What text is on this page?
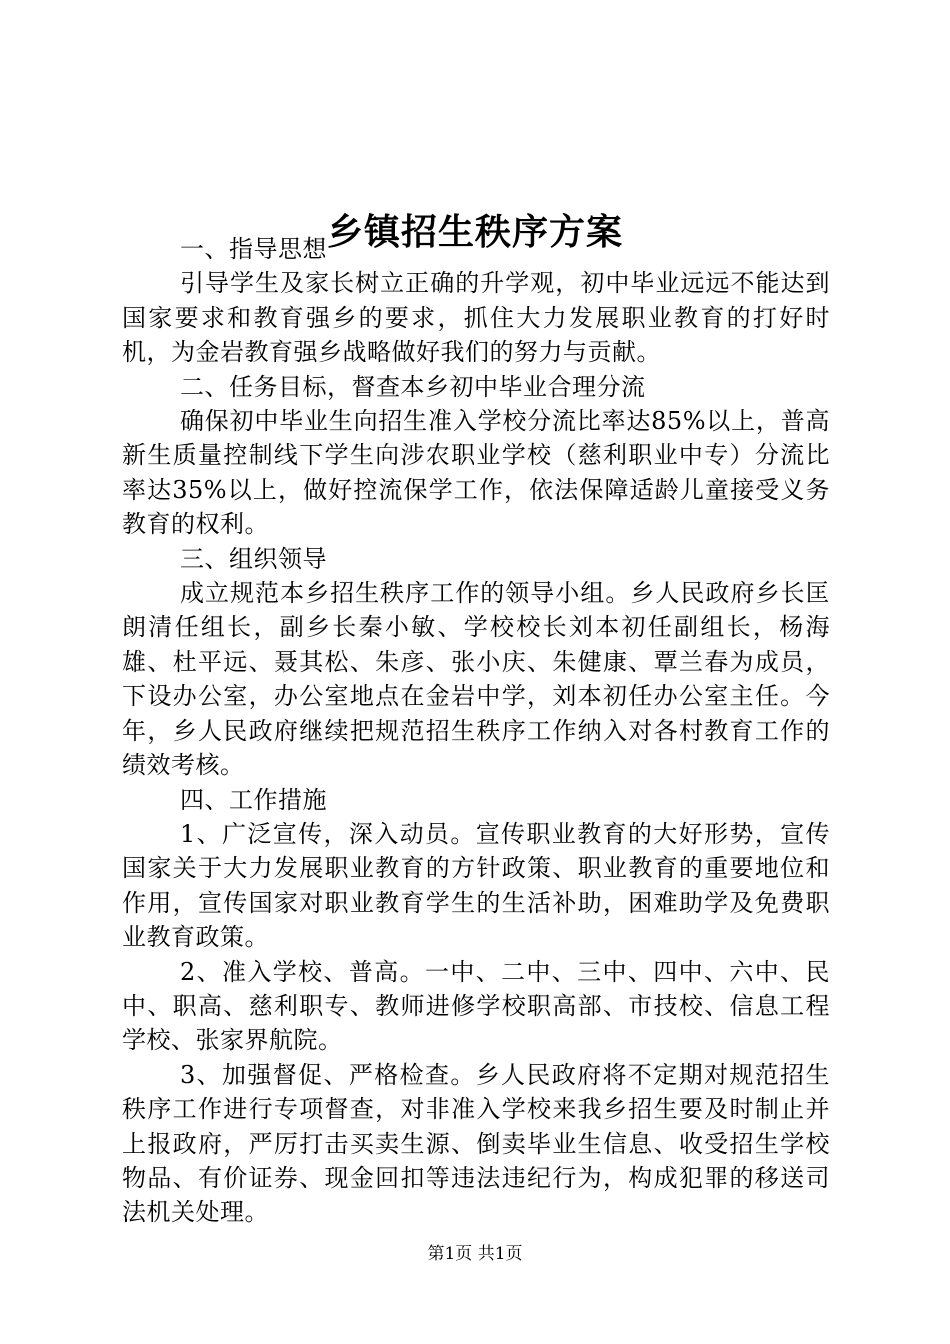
乡镇招生秩序方案

一、指导思想

引导学生及家长树立正确的升学观，初中毕业远远不能达到国家要求和教育强乡的要求，抓住大力发展职业教育的打好时机，为金岩教育强乡战略做好我们的努力与贡献。

二、任务目标，督查本乡初中毕业合理分流

确保初中毕业生向招生准入学校分流比率达85%以上，普高新生质量控制线下学生向涉农职业学校（慈利职业中专）分流比率达35%以上，做好控流保学工作，依法保障适龄儿童接受义务教育的权利。

三、组织领导

成立规范本乡招生秩序工作的领导小组。乡人民政府乡长匡朗清任组长，副乡长秦小敏、学校校长刘本初任副组长，杨海雄、杜平远、聂其松、朱彦、张小庆、朱健康、覃兰春为成员，下设办公室，办公室地点在金岩中学，刘本初任办公室主任。今年，乡人民政府继续把规范招生秩序工作纳入对各村教育工作的绩效考核。

四、工作措施

1、广泛宣传，深入动员。宣传职业教育的大好形势，宣传国家关于大力发展职业教育的方针政策、职业教育的重要地位和作用，宣传国家对职业教育学生的生活补助，困难助学及免费职业教育政策。

2、准入学校、普高。一中、二中、三中、四中、六中、民中、职高、慈利职专、教师进修学校职高部、市技校、信息工程学校、张家界航院。

3、加强督促、严格检查。乡人民政府将不定期对规范招生秩序工作进行专项督查，对非准入学校来我乡招生要及时制止并上报政府，严厉打击买卖生源、倒卖毕业生信息、收受招生学校物品、有价证券、现金回扣等违法违纪行为，构成犯罪的移送司法机关处理。

第1页 共1页
